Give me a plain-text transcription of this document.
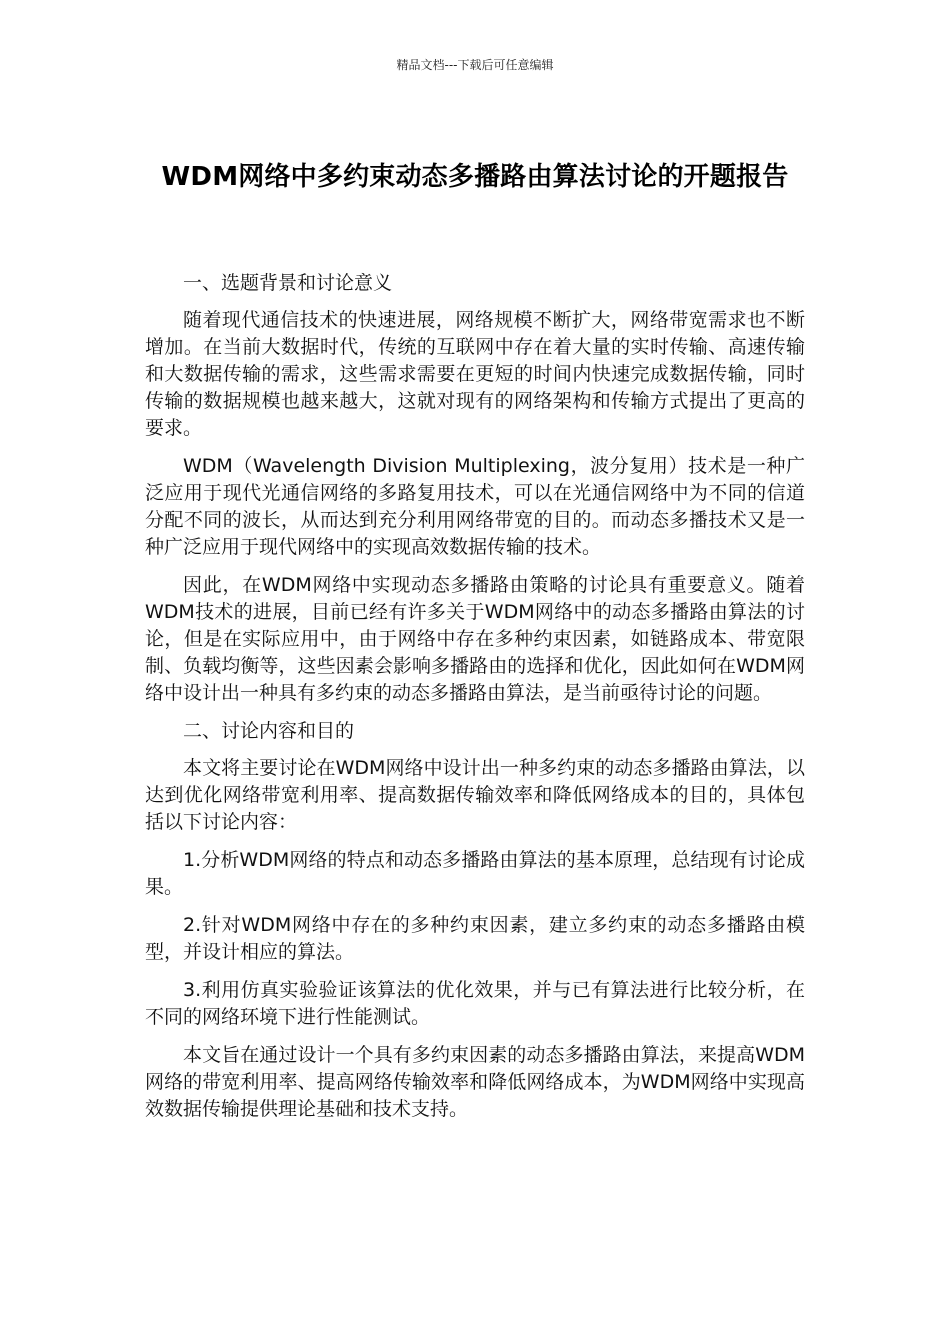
精品文档---下载后可任意编辑
WDM网络中多约束动态多播路由算法讨论的开题报告

一、选题背景和讨论意义

随着现代通信技术的快速进展，网络规模不断扩大，网络带宽需求也不断增加。在当前大数据时代，传统的互联网中存在着大量的实时传输、高速传输和大数据传输的需求，这些需求需要在更短的时间内快速完成数据传输，同时传输的数据规模也越来越大，这就对现有的网络架构和传输方式提出了更高的要求。

WDM（Wavelength Division Multiplexing，波分复用）技术是一种广泛应用于现代光通信网络的多路复用技术，可以在光通信网络中为不同的信道分配不同的波长，从而达到充分利用网络带宽的目的。而动态多播技术又是一种广泛应用于现代网络中的实现高效数据传输的技术。

因此，在WDM网络中实现动态多播路由策略的讨论具有重要意义。随着WDM技术的进展，目前已经有许多关于WDM网络中的动态多播路由算法的讨论，但是在实际应用中，由于网络中存在多种约束因素，如链路成本、带宽限制、负载均衡等，这些因素会影响多播路由的选择和优化，因此如何在WDM网络中设计出一种具有多约束的动态多播路由算法，是当前亟待讨论的问题。

二、讨论内容和目的

本文将主要讨论在WDM网络中设计出一种多约束的动态多播路由算法，以达到优化网络带宽利用率、提高数据传输效率和降低网络成本的目的，具体包括以下讨论内容：

1.分析WDM网络的特点和动态多播路由算法的基本原理，总结现有讨论成果。

2.针对WDM网络中存在的多种约束因素，建立多约束的动态多播路由模型，并设计相应的算法。

3.利用仿真实验验证该算法的优化效果，并与已有算法进行比较分析，在不同的网络环境下进行性能测试。

本文旨在通过设计一个具有多约束因素的动态多播路由算法，来提高WDM网络的带宽利用率、提高网络传输效率和降低网络成本，为WDM网络中实现高效数据传输提供理论基础和技术支持。
